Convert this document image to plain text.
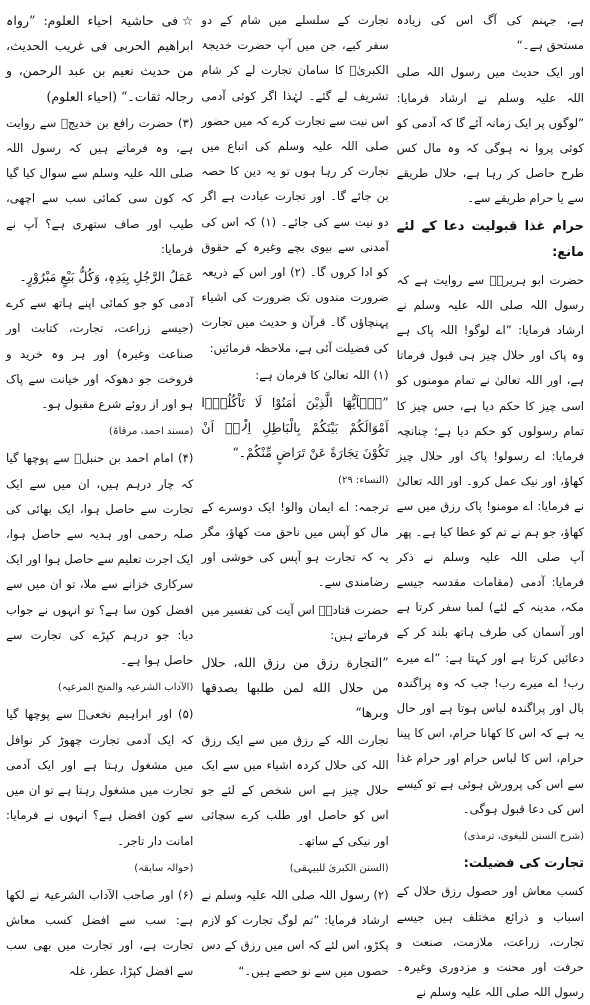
ہے، جہنم کی آگ اس کی زیادہ مستحق ہے۔“

اور ایک حدیث میں رسول اللہ صلی اللہ علیہ وسلم نے ارشاد فرمایا: ”لوگوں پر ایک زمانہ آئے گا کہ آدمی کو کوئی پروا نہ ہوگی کہ وہ مال کس طرح حاصل کر رہا ہے، حلال طریقے سے یا حرام طریقے سے۔

حرام غذا قبولیت دعا کے لئے مانع:

حضرت ابو ہریرہؓ سے روایت ہے کہ رسول اللہ صلی اللہ علیہ وسلم نے ارشاد فرمایا: ”اے لوگو! اللہ پاک ہے وہ پاک اور حلال چیز ہی قبول فرماتا ہے، اور اللہ تعالیٰ نے تمام مومنوں کو اسی چیز کا حکم دیا ہے، جس چیز کا تمام رسولوں کو حکم دیا ہے؛ چنانچہ فرمایا: اے رسولو! پاک اور حلال چیز کھاؤ، اور نیک عمل کرو۔ اور اللہ تعالیٰ نے فرمایا: اے مومنو! پاک رزق میں سے کھاؤ، جو ہم نے تم کو عطا کیا ہے۔ پھر آپ صلی اللہ علیہ وسلم نے ذکر فرمایا: آدمی (مقامات مقدسہ جیسے مکہ، مدینہ کے لئے) لمبا سفر کرتا ہے اور آسمان کی طرف ہاتھ بلند کر کے دعائیں کرتا ہے اور کہتا ہے: ”اے میرے رب! اے میرے رب! جب کہ وہ پراگندہ بال اور پراگندہ لباس ہوتا ہے اور حال یہ ہے کہ اس کا کھانا حرام، اس کا پینا حرام، اس کا لباس حرام اور حرام غذا سے اس کی پرورش ہوئی ہے تو کیسے اس کی دعا قبول ہوگی۔

(شرح السنن للبغوی، ترمذی)

تجارت کی فضیلت:

کسب معاش اور حصول رزق حلال کے اسباب و ذرائع مختلف ہیں جیسے تجارت، زراعت، ملازمت، صنعت و حرفت اور محنت و مزدوری وغیرہ۔ رسول اللہ صلی اللہ علیہ وسلم نے

تجارت کے سلسلے میں شام کے دو سفر کیے، جن میں آپ حضرت خدیجۃ الکبریٰؓ کا سامان تجارت لے کر شام تشریف لے گئے۔ لہٰذا اگر کوئی آدمی اس نیت سے تجارت کرے کہ میں حضور صلی اللہ علیہ وسلم کی اتباع میں تجارت کر رہا ہوں تو یہ دین کا حصہ بن جائے گا۔ اور تجارت عبادت ہے اگر دو نیت سے کی جائے۔ (۱) کہ اس کی آمدنی سے بیوی بچے وغیرہ کے حقوق کو ادا کروں گا۔ (۲) اور اس کے ذریعہ ضرورت مندوں تک ضرورت کی اشیاء پہنچاؤں گا۔ قرآن و حدیث میں تجارت کی فضیلت آئی ہے، ملاحظہ فرمائیں:

(۱) اللہ تعالیٰ کا فرمان ہے:

”یٰۤاَیُّھَا الَّذِیْنَ اٰمَنُوْا لَا تَاْكُلُوْۤا اَمْوَالَكُمْ بَیْنَكُمْ بِالْبَاطِلِ اِلَّاۤ اَنْ تَكُوْنَ تِجَارَةً عَنْ تَرَاضٍ مِّنْكُمْ۔“

(النساء: ۲۹)

ترجمہ: اے ایمان والو! ایک دوسرے کے مال کو آپس میں ناحق مت کھاؤ، مگر یہ کہ تجارت ہو آپس کی خوشی اور رضامندی سے۔

حضرت قتادہؒ اس آیت کی تفسیر میں فرماتے ہیں:

”التجارة رزق من رزق الله، حلال من حلال الله لمن طلبها بصدقها وبرها“

تجارت اللہ کے رزق میں سے ایک رزق اللہ کی حلال کردہ اشیاء میں سے ایک حلال چیز ہے اس شخص کے لئے جو اس کو حاصل اور طلب کرے سچائی اور نیکی کے ساتھ۔

(السنن الکبریٰ للبیہقی)

(۲) رسول اللہ صلی اللہ علیہ وسلم نے ارشاد فرمایا: ”تم لوگ تجارت کو لازم پکڑو، اس لئے کہ اس میں رزق کے دس حصوں میں سے نو حصے ہیں۔“

☆فی حاشیۃ احیاء العلوم: ”رواہ ابراهیم الحربی فی غریب الحدیث، من حدیث نعیم بن عبد الرحمن، و رجالہ ثقات۔“ (احیاء العلوم)

(۳) حضرت رافع بن خدیجؓ سے روایت ہے، وہ فرماتے ہیں کہ رسول اللہ صلی اللہ علیہ وسلم سے سوال کیا گیا کہ کون سی کمائی سب سے اچھی، طیب اور صاف ستھری ہے؟ آپ نے فرمایا:

عَمَلُ الرَّجُلِ بِیَدِہٖ، وَكُلُّ بَیْعٍ مَبْرُوْرٍ۔

آدمی کو جو کمائی اپنے ہاتھ سے کرے (جیسے زراعت، تجارت، کتابت اور صناعت وغیرہ) اور ہر وہ خرید و فروخت جو دھوکہ اور خیانت سے پاک ہو اور از روئے شرع مقبول ہو۔

(مسند احمد، مرقاۃ)

(۴) امام احمد بن حنبلؒ سے پوچھا گیا کہ چار درہم ہیں، ان میں سے ایک تجارت سے حاصل ہوا، ایک بھائی کی صلہ رحمی اور ہدیہ سے حاصل ہوا، ایک اجرت تعلیم سے حاصل ہوا اور ایک سرکاری خزانے سے ملا، تو ان میں سے افضل کون سا ہے؟ تو انہوں نے جواب دیا: جو درہم کپڑے کی تجارت سے حاصل ہوا ہے۔

(الآداب الشرعیہ والمنح المرعیہ)

(۵) اور ابراہیم نخعیؒ سے پوچھا گیا کہ ایک آدمی تجارت چھوڑ کر نوافل میں مشغول رہتا ہے اور ایک آدمی تجارت میں مشغول رہتا ہے تو ان میں سے کون افضل ہے؟ انہوں نے فرمایا: امانت دار تاجر۔

(حوالہ سابقہ)

(۶) اور صاحب الآداب الشرعیۃ نے لکھا ہے: سب سے افضل کسب معاش تجارت ہے، اور تجارت میں بھی سب سے افضل کپڑا، عطر، غلہ
